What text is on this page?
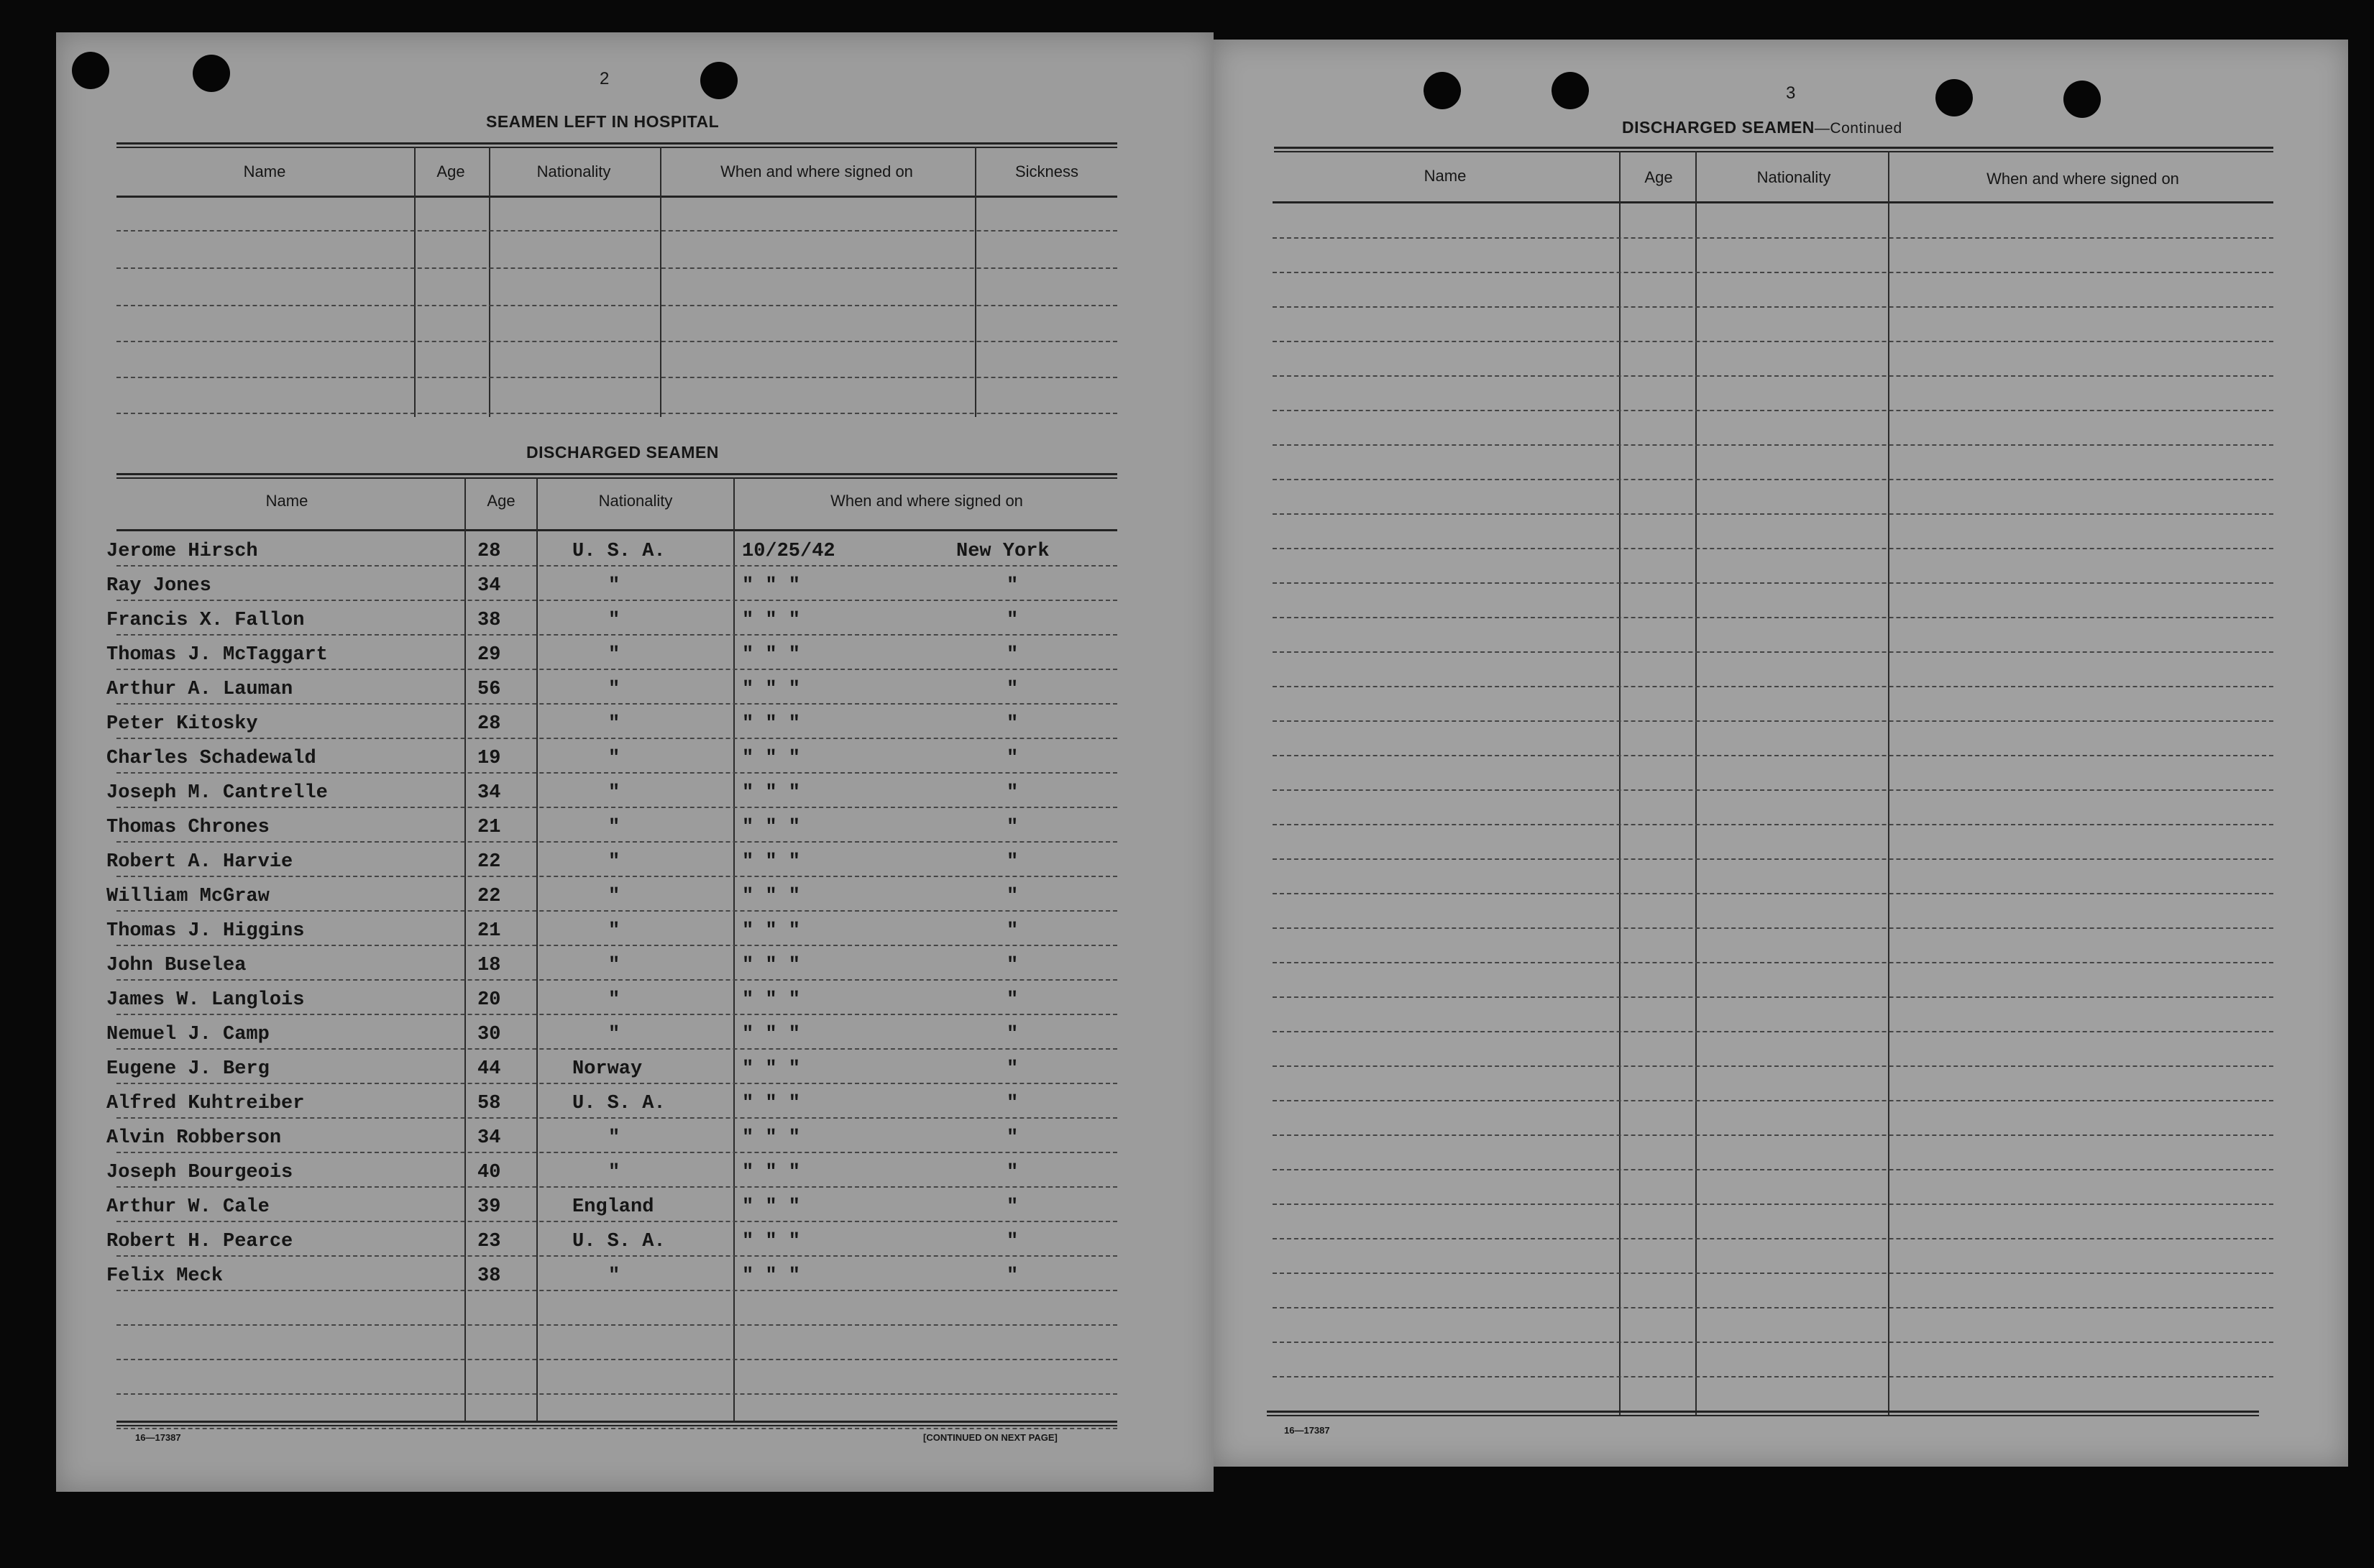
2
SEAMEN LEFT IN HOSPITAL
Name	Age	Nationality	When and where signed on	Sickness
DISCHARGED SEAMEN
Name	Age	Nationality	When and where signed on
Jerome Hirsch	28	U. S. A.	10/25/42	New York
Ray Jones	34	"	" " "	"
Francis X. Fallon	38	"	" " "	"
Thomas J. McTaggart	29	"	" " "	"
Arthur A. Lauman	56	"	" " "	"
Peter Kitosky	28	"	" " "	"
Charles Schadewald	19	"	" " "	"
Joseph M. Cantrelle	34	"	" " "	"
Thomas Chrones	21	"	" " "	"
Robert A. Harvie	22	"	" " "	"
William McGraw	22	"	" " "	"
Thomas J. Higgins	21	"	" " "	"
John Buselea	18	"	" " "	"
James W. Langlois	20	"	" " "	"
Nemuel J. Camp	30	"	" " "	"
Eugene J. Berg	44	Norway	" " "	"
Alfred Kuhtreiber	58	U. S. A.	" " "	"
Alvin Robberson	34	"	" " "	"
Joseph Bourgeois	40	"	" " "	"
Arthur W. Cale	39	England	" " "	"
Robert H. Pearce	23	U. S. A.	" " "	"
Felix Meck	38	"	" " "	"
16—17387	[CONTINUED ON NEXT PAGE]
3
DISCHARGED SEAMEN—Continued
Name	Age	Nationality	When and where signed on
16—17387
